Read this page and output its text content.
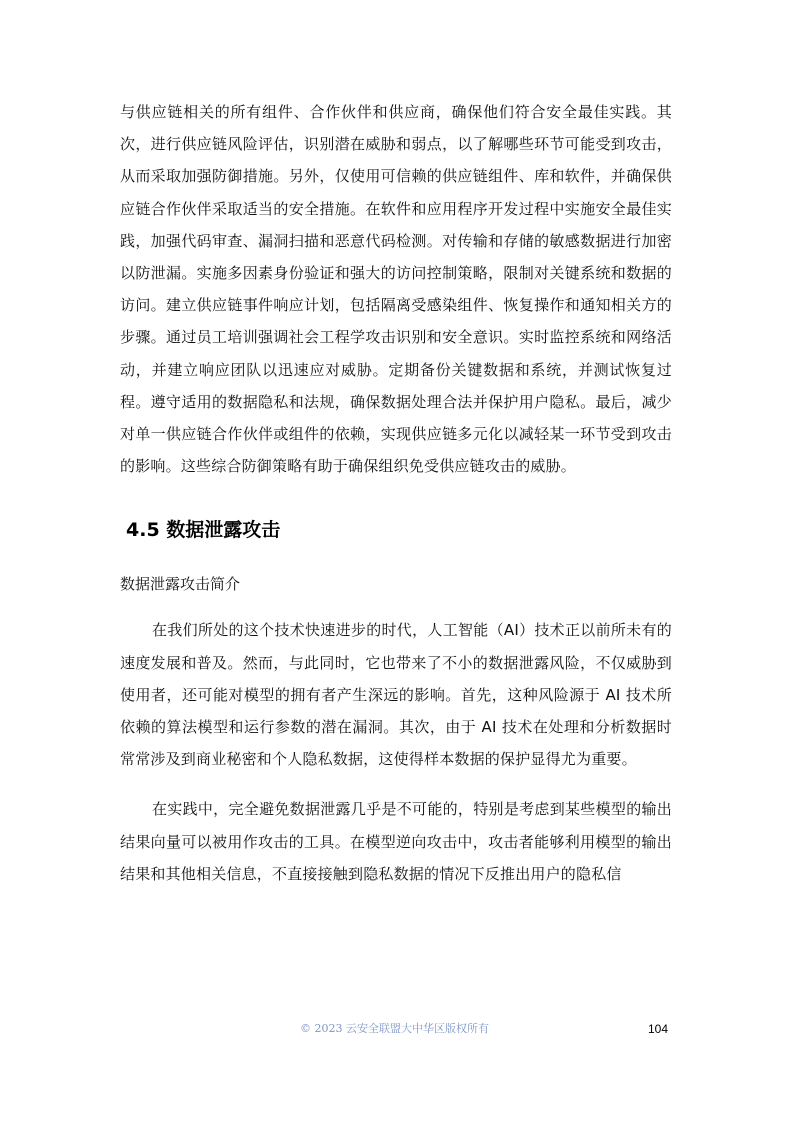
与供应链相关的所有组件、合作伙伴和供应商，确保他们符合安全最佳实践。其次，进行供应链风险评估，识别潜在威胁和弱点，以了解哪些环节可能受到攻击，从而采取加强防御措施。另外，仅使用可信赖的供应链组件、库和软件，并确保供应链合作伙伴采取适当的安全措施。在软件和应用程序开发过程中实施安全最佳实践，加强代码审查、漏洞扫描和恶意代码检测。对传输和存储的敏感数据进行加密以防泄漏。实施多因素身份验证和强大的访问控制策略，限制对关键系统和数据的访问。建立供应链事件响应计划，包括隔离受感染组件、恢复操作和通知相关方的步骤。通过员工培训强调社会工程学攻击识别和安全意识。实时监控系统和网络活动，并建立响应团队以迅速应对威胁。定期备份关键数据和系统，并测试恢复过程。遵守适用的数据隐私和法规，确保数据处理合法并保护用户隐私。最后，减少对单一供应链合作伙伴或组件的依赖，实现供应链多元化以减轻某一环节受到攻击的影响。这些综合防御策略有助于确保组织免受供应链攻击的威胁。

4.5 数据泄露攻击

数据泄露攻击简介

在我们所处的这个技术快速进步的时代，人工智能（AI）技术正以前所未有的速度发展和普及。然而，与此同时，它也带来了不小的数据泄露风险，不仅威胁到使用者，还可能对模型的拥有者产生深远的影响。首先，这种风险源于 AI 技术所依赖的算法模型和运行参数的潜在漏洞。其次，由于 AI 技术在处理和分析数据时常常涉及到商业秘密和个人隐私数据，这使得样本数据的保护显得尤为重要。

在实践中，完全避免数据泄露几乎是不可能的，特别是考虑到某些模型的输出结果向量可以被用作攻击的工具。在模型逆向攻击中，攻击者能够利用模型的输出结果和其他相关信息，不直接接触到隐私数据的情况下反推出用户的隐私信

© 2023 云安全联盟大中华区版权所有	104
